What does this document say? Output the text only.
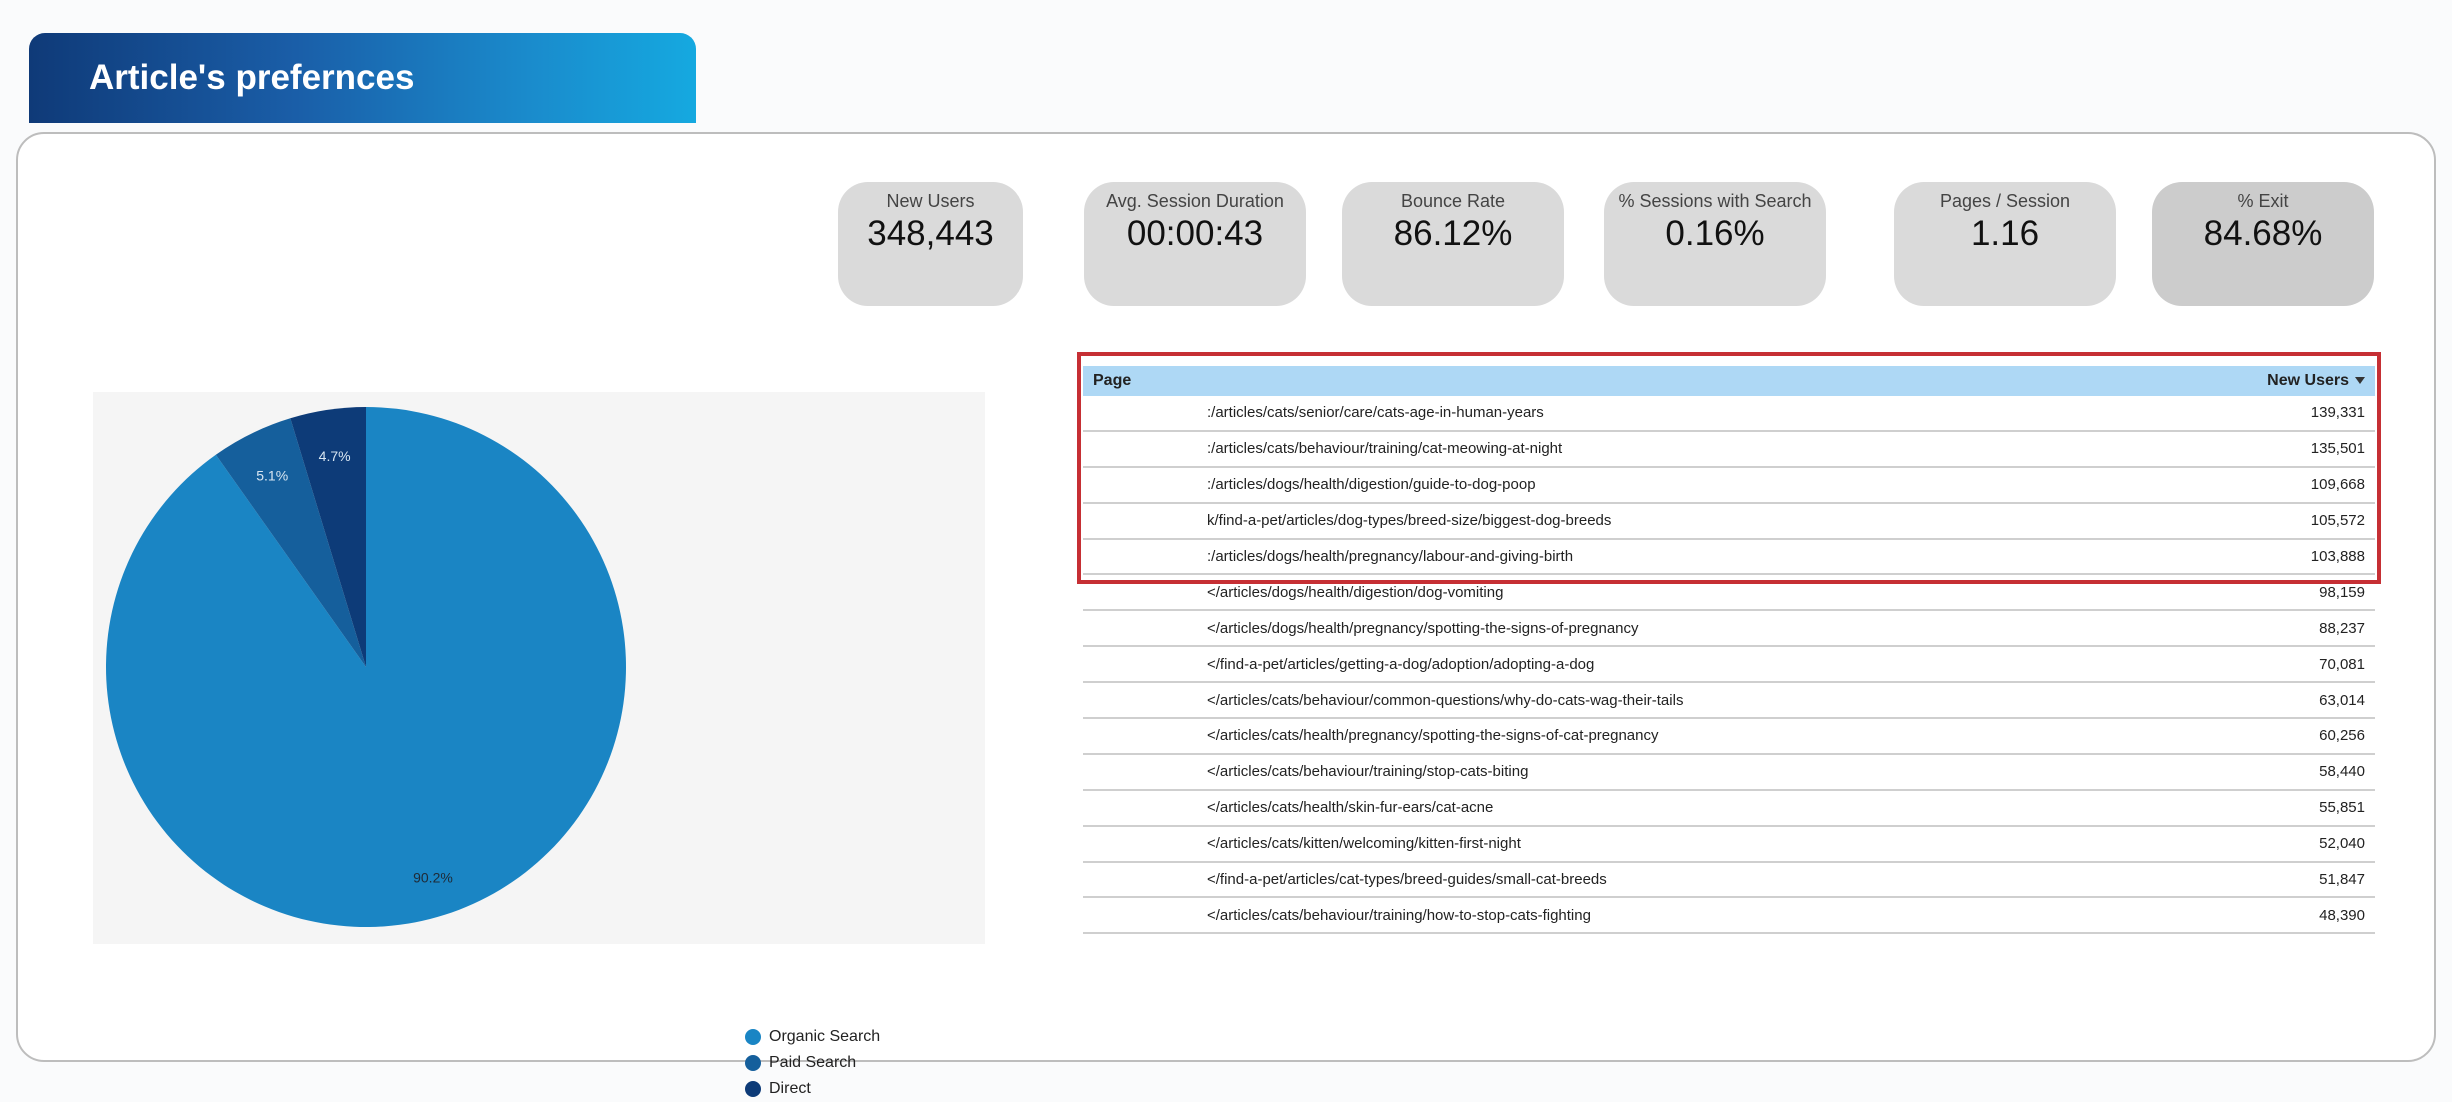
Article's prefernces
New Users
348,443
Avg. Session Duration
00:00:43
Bounce Rate
86.12%
% Sessions with Search
0.16%
Pages / Session
1.16
% Exit
84.68%
90.2%
5.1%
4.7%
Organic Search
Paid Search
Direct
Page	New Users
:/articles/cats/senior/care/cats-age-in-human-years	139,331
:/articles/cats/behaviour/training/cat-meowing-at-night	135,501
:/articles/dogs/health/digestion/guide-to-dog-poop	109,668
k/find-a-pet/articles/dog-types/breed-size/biggest-dog-breeds	105,572
:/articles/dogs/health/pregnancy/labour-and-giving-birth	103,888
</articles/dogs/health/digestion/dog-vomiting	98,159
</articles/dogs/health/pregnancy/spotting-the-signs-of-pregnancy	88,237
</find-a-pet/articles/getting-a-dog/adoption/adopting-a-dog	70,081
</articles/cats/behaviour/common-questions/why-do-cats-wag-their-tails	63,014
</articles/cats/health/pregnancy/spotting-the-signs-of-cat-pregnancy	60,256
</articles/cats/behaviour/training/stop-cats-biting	58,440
</articles/cats/health/skin-fur-ears/cat-acne	55,851
</articles/cats/kitten/welcoming/kitten-first-night	52,040
</find-a-pet/articles/cat-types/breed-guides/small-cat-breeds	51,847
</articles/cats/behaviour/training/how-to-stop-cats-fighting	48,390
